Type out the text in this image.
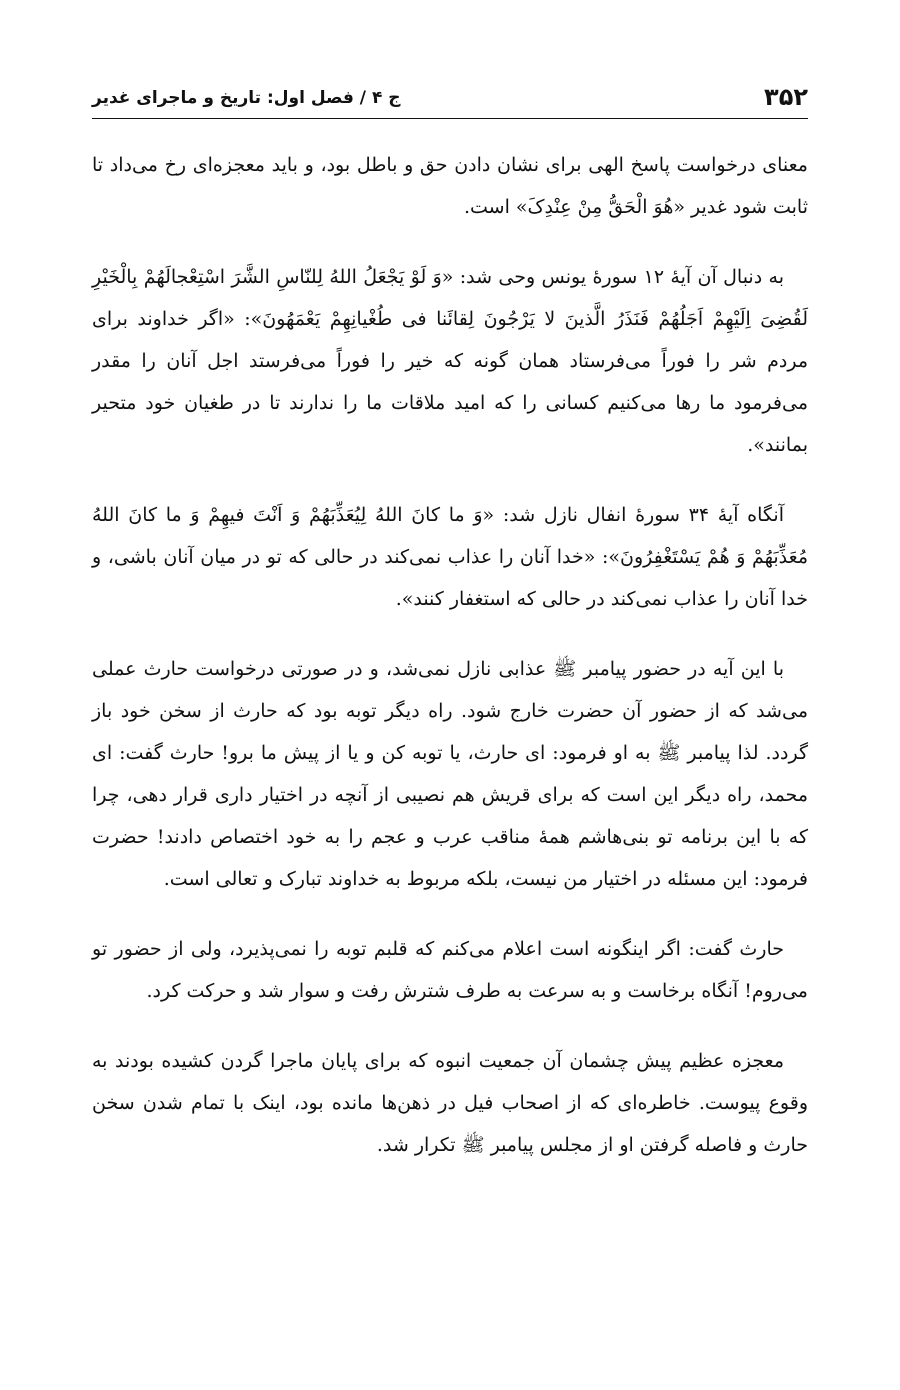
۳۵۲
ج ۴ / فصل اول: تاریخ و ماجرای غدیر

معنای درخواست پاسخ الهی برای نشان دادن حق و باطل بود، و باید معجزه‌ای رخ می‌داد تا ثابت شود غدیر «هُوَ الْحَقُّ مِنْ عِنْدِکَ» است.

به دنبال آن آیهٔ ۱۲ سورهٔ یونس وحی شد: «وَ لَوْ یَجْعَلُ اللهُ لِلنّاسِ الشَّرَ اسْتِعْجالَهُمْ بِالْخَیْرِ لَقُضِیَ اِلَیْهِمْ اَجَلُهُمْ فَنَذَرُ الَّذینَ لا یَرْجُونَ لِقائَنا فی طُغْیانِهِمْ یَعْمَهُونَ»: «اگر خداوند برای مردم شر را فوراً می‌فرستاد همان گونه که خیر را فوراً می‌فرستد اجل آنان را مقدر می‌فرمود ما رها می‌کنیم کسانی را که امید ملاقات ما را ندارند تا در طغیان خود متحیر بمانند».

آنگاه آیهٔ ۳۴ سورهٔ انفال نازل شد: «وَ ما کانَ اللهُ لِیُعَذِّبَهُمْ وَ اَنْتَ فیهِمْ وَ ما کانَ اللهُ مُعَذِّبَهُمْ وَ هُمْ یَسْتَغْفِرُونَ»: «خدا آنان را عذاب نمی‌کند در حالی که تو در میان آنان باشی، و خدا آنان را عذاب نمی‌کند در حالی که استغفار کنند».

با این آیه در حضور پیامبر ﷺ عذابی نازل نمی‌شد، و در صورتی درخواست حارث عملی می‌شد که از حضور آن حضرت خارج شود. راه دیگر توبه بود که حارث از سخن خود باز گردد. لذا پیامبر ﷺ به او فرمود: ای حارث، یا توبه کن و یا از پیش ما برو! حارث گفت: ای محمد، راه دیگر این است که برای قریش هم نصیبی از آنچه در اختیار داری قرار دهی، چرا که با این برنامه تو بنی‌هاشم همهٔ مناقب عرب و عجم را به خود اختصاص دادند! حضرت فرمود: این مسئله در اختیار من نیست، بلکه مربوط به خداوند تبارک و تعالی است.

حارث گفت: اگر اینگونه است اعلام می‌کنم که قلبم توبه را نمی‌پذیرد، ولی از حضور تو می‌روم! آنگاه برخاست و به سرعت به طرف شترش رفت و سوار شد و حرکت کرد.

معجزه عظیم پیش چشمان آن جمعیت انبوه که برای پایان ماجرا گردن کشیده بودند به وقوع پیوست. خاطره‌ای که از اصحاب فیل در ذهن‌ها مانده بود، اینک با تمام شدن سخن حارث و فاصله گرفتن او از مجلس پیامبر ﷺ تکرار شد.
